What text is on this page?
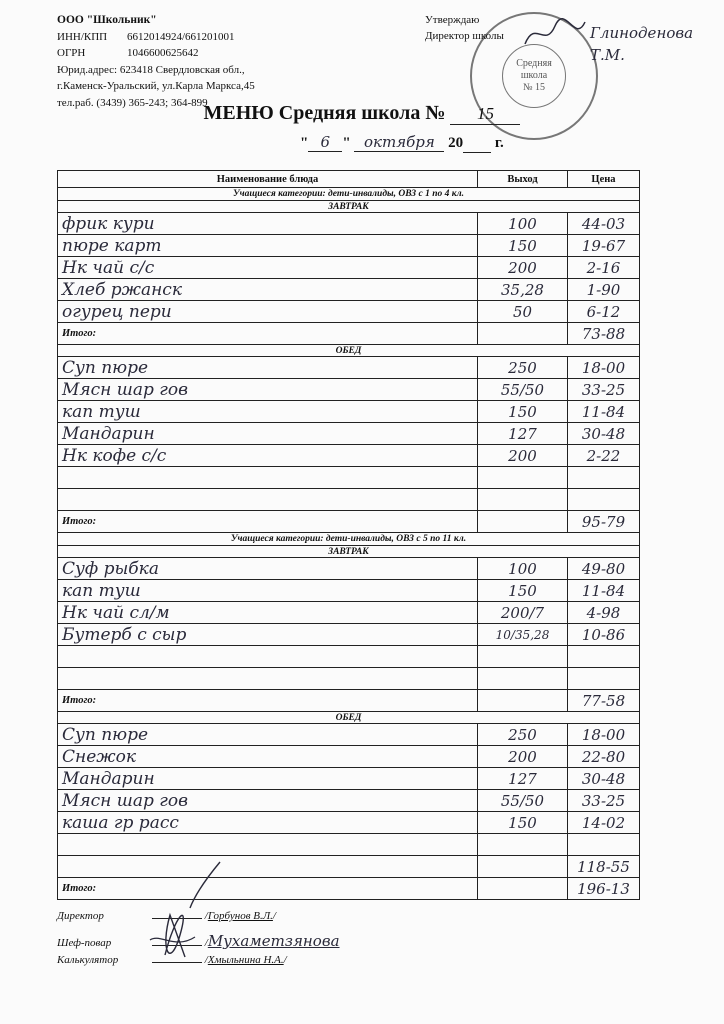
ООО "Школьник"
ИНН/КПП 6612014924/661201001
ОГРН	1046600625642
Юрид.адрес: 623418 Свердловская обл.,
г.Каменск-Уральский, ул.Карла Маркса,45
тел.раб. (3439) 365-243; 364-899
Средняя
школа
№ 15
Утверждаю
Директор школы	Глиноденова Т.М.
МЕНЮ Средняя школа № 15
" 6 " октября 20 г.
Наименование блюда	Выход	Цена
Учащиеся категории: дети-инвалиды, ОВЗ с 1 по 4 кл.		
ЗАВТРАК		
фрик кури	100	44-03
пюре карт	150	19-67
Нк чай с/с	200	2-16
Хлеб ржанск	35,28	1-90
огурец пери	50	6-12
Итого:		73-88
ОБЕД		
Суп пюре	250	18-00
Мясн шар гов	55/50	33-25
кап туш	150	11-84
Мандарин	127	30-48
Нк кофе с/с	200	2-22

Итого:		95-79
Учащиеся категории: дети-инвалиды, ОВЗ с 5 по 11 кл.		
ЗАВТРАК		
Суф рыбка	100	49-80
кап туш	150	11-84
Нк чай сл/м	200/7	4-98
Бутерб с сыр	10/35,28	10-86

Итого:		77-58
ОБЕД		
Суп пюре	250	18-00
Снежок	200	22-80
Мандарин	127	30-48
Мясн шар гов	55/50	33-25
каша гр расс	150	14-02

		118-55
Итого:		196-13
Директор	/Горбунов В.Л./
Шеф-повар	/Мухаметзянова
Калькулятор	/Хмыльнина Н.А./
